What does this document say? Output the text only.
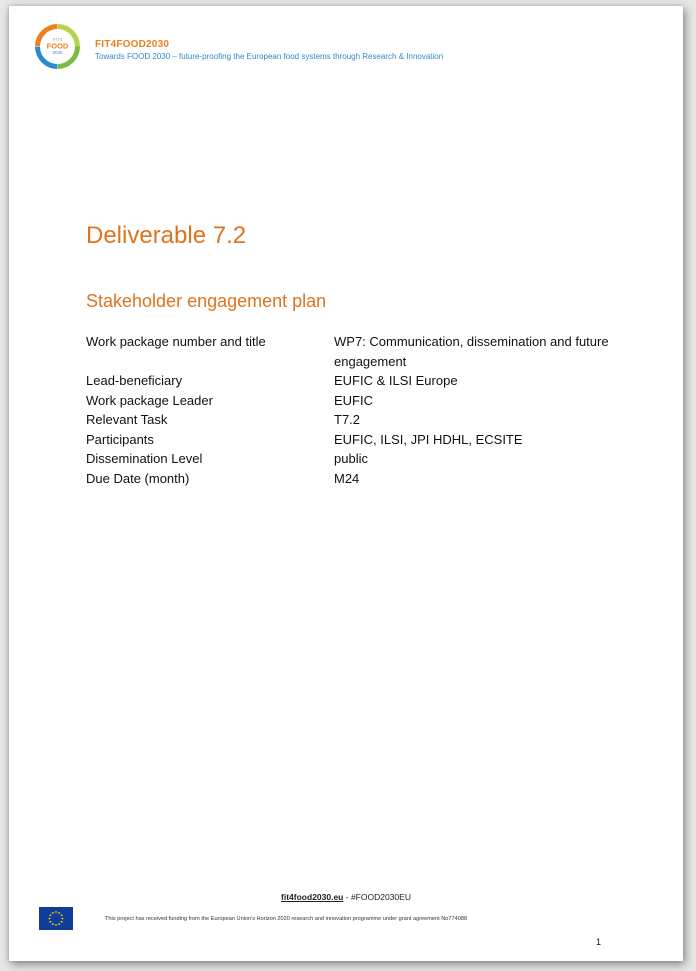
FIT4
FOOD
2030
FIT4FOOD2030
Towards FOOD 2030 – future-proofing the European food systems through Research & Innovation
Deliverable 7.2
Stakeholder engagement plan
Work package number and title	WP7: Communication, dissemination and future engagement
Lead-beneficiary	EUFIC & ILSI Europe
Work package Leader	EUFIC
Relevant Task	T7.2
Participants	EUFIC, ILSI, JPI HDHL, ECSITE
Dissemination Level	public
Due Date (month)	M24
fit4food2030.eu - #FOOD2030EU
This project has received funding from the European Union's Horizon 2020 research and innovation programme under grant agreement No774088
1
